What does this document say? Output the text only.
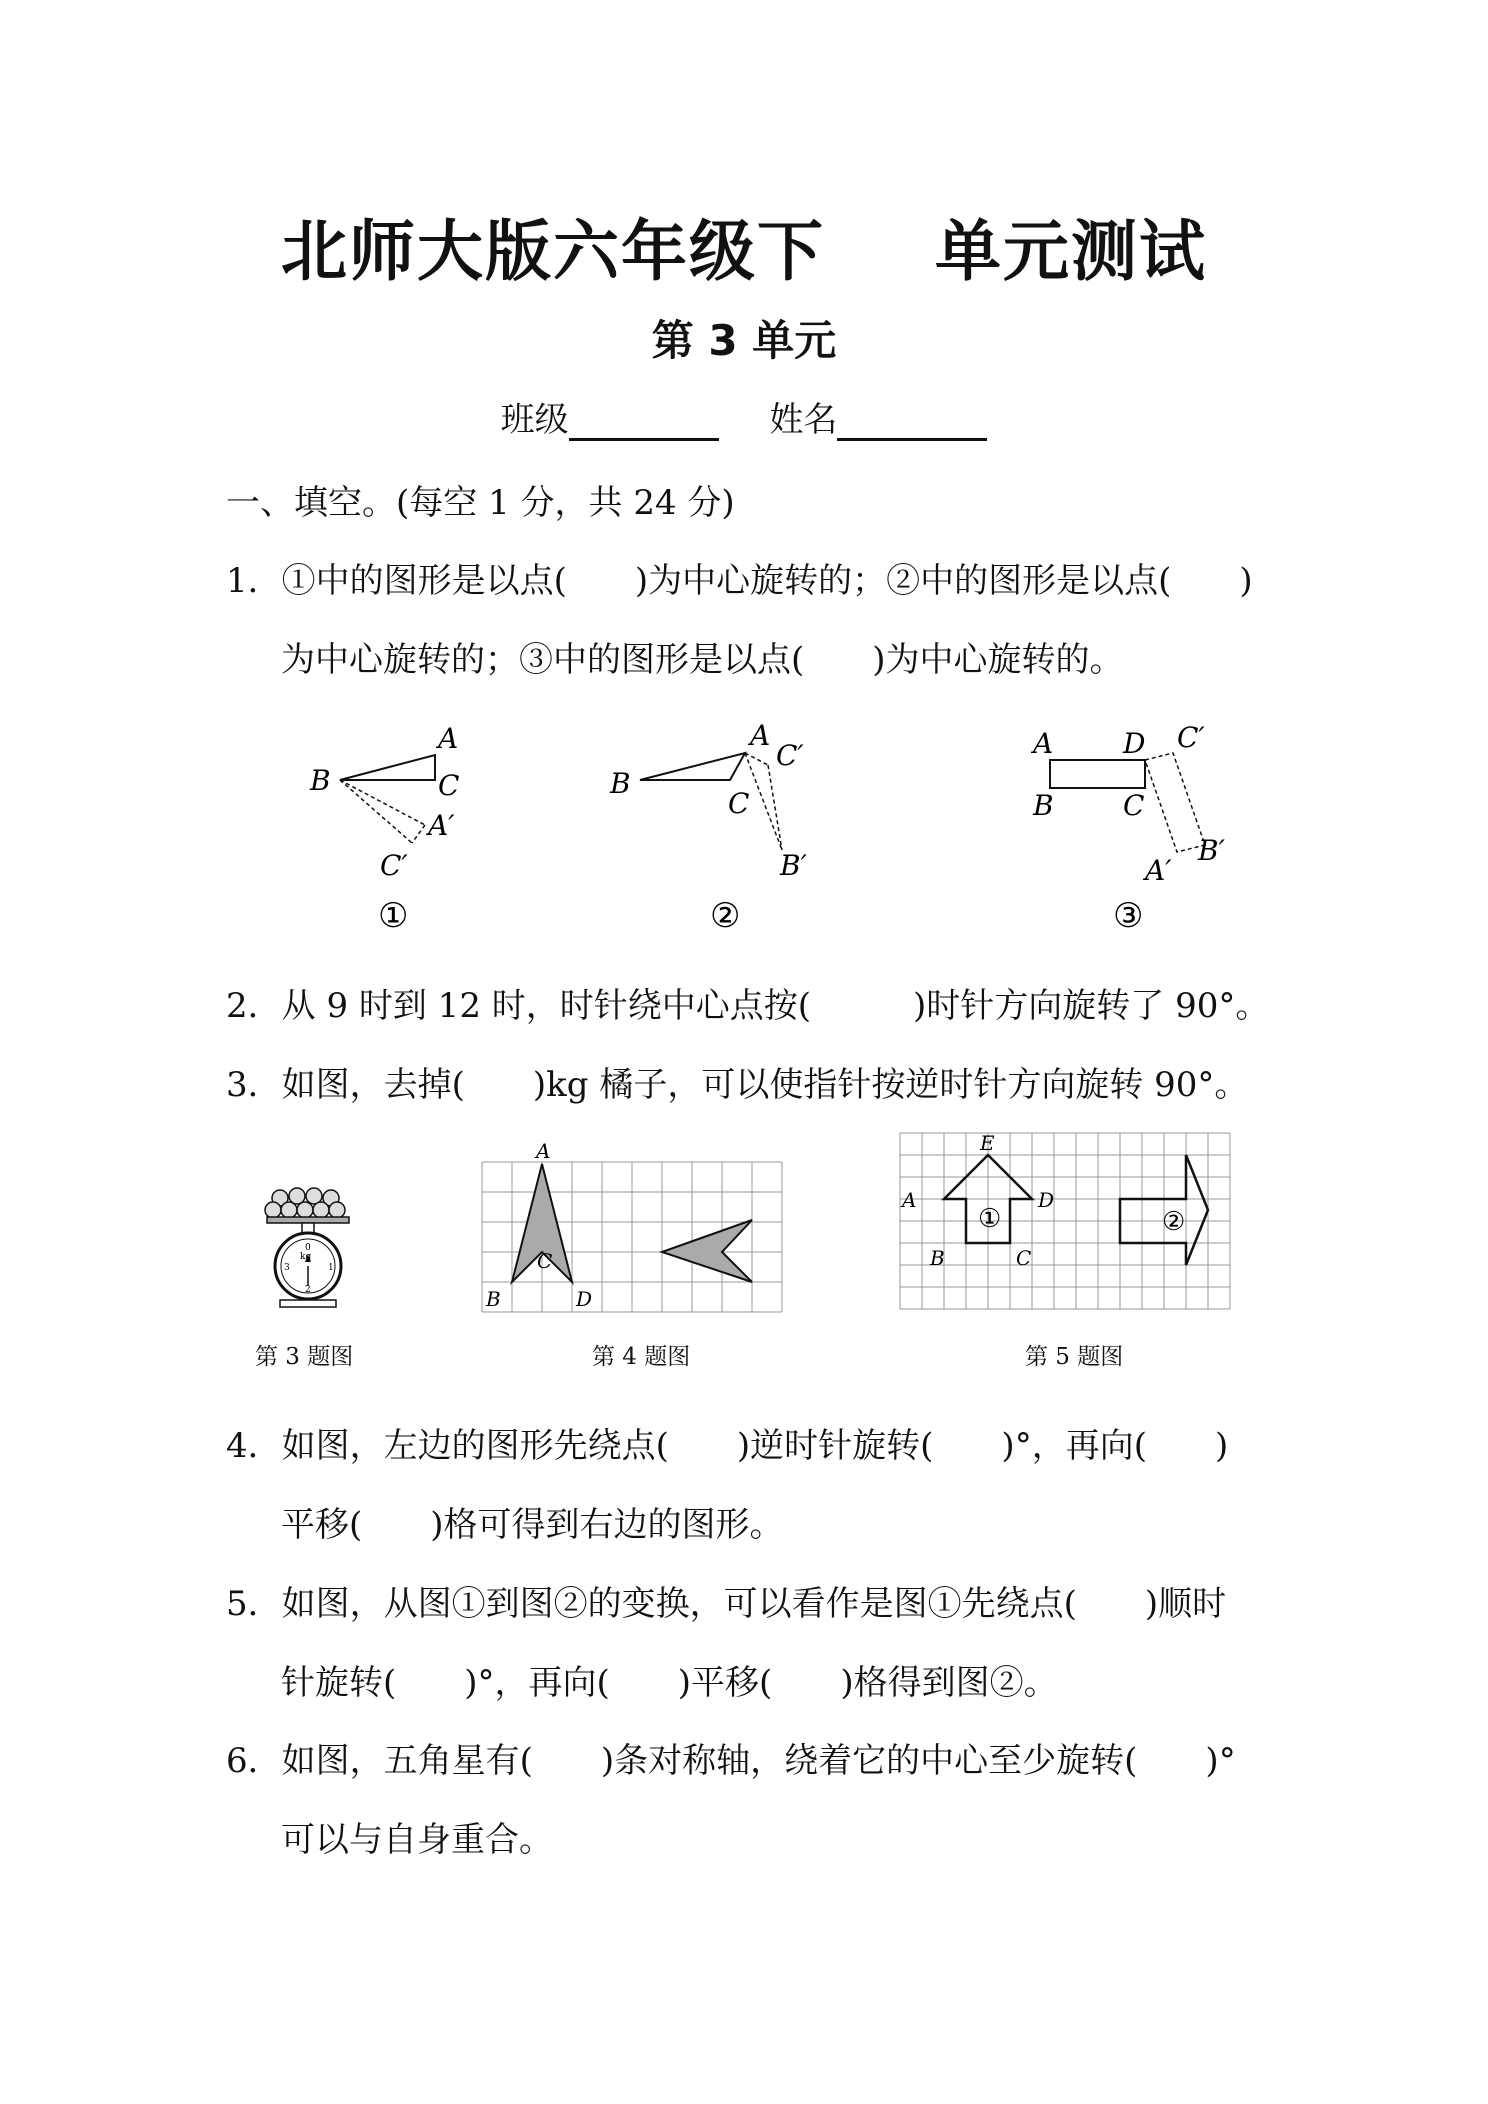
北师大版六年级下 单元测试
第 3 单元
班级	姓名
一、填空。(每空 1 分，共 24 分)
1．①中的图形是以点(　　)为中心旋转的；②中的图形是以点(　　)
为中心旋转的；③中的图形是以点(　　)为中心旋转的。
A
B	C
A′
C′
①
A
B
C
C′
B′
②
A D C′
B C
B′
A′
③
2．从 9 时到 12 时，时针绕中心点按(　　　)时针方向旋转了 90°。
3．如图，去掉(　　)kg 橘子，可以使指针按逆时针方向旋转 90°。
0
kg
3	1
2
第 3 题图
A
B
C
D
第 4 题图
E
A	D
B	C
①	②
第 5 题图
4．如图，左边的图形先绕点(　　)逆时针旋转(　　)°，再向(　　)
平移(　　)格可得到右边的图形。
5．如图，从图①到图②的变换，可以看作是图①先绕点(　　)顺时
针旋转(　　)°，再向(　　)平移(　　)格得到图②。
6．如图，五角星有(　　)条对称轴，绕着它的中心至少旋转(　　)°
可以与自身重合。
